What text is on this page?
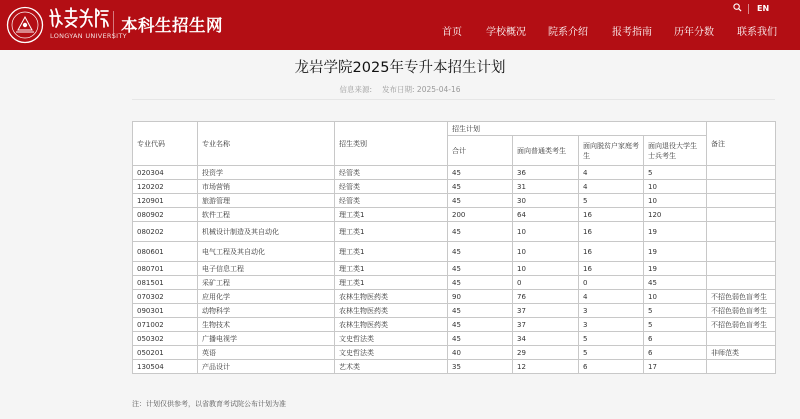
LONGYAN UNIVERSITY
本科生招生网
EN
首页 学校概况 院系介绍 报考指南 历年分数 联系我们
龙岩学院2025年专升本招生计划
信息来源: 发布日期: 2025-04-16
专业代码	专业名称	招生类别	招生计划				备注
			合计	面向普通类考生	面向脱贫户家庭考生	面向退役大学生士兵考生	
020304	投资学	经管类	45	36	4	5	
120202	市场营销	经管类	45	31	4	10	
120901	旅游管理	经管类	45	30	5	10	
080902	软件工程	理工类1	200	64	16	120	
080202	机械设计制造及其自动化	理工类1	45	10	16	19	
080601	电气工程及其自动化	理工类1	45	10	16	19	
080701	电子信息工程	理工类1	45	10	16	19	
081501	采矿工程	理工类1	45	0	0	45	
070302	应用化学	农林生物医药类	90	76	4	10	不招色弱色盲考生
090301	动物科学	农林生物医药类	45	37	3	5	不招色弱色盲考生
071002	生物技术	农林生物医药类	45	37	3	5	不招色弱色盲考生
050302	广播电视学	文史哲法类	45	34	5	6	
050201	英语	文史哲法类	40	29	5	6	非师范类
130504	产品设计	艺术类	35	12	6	17	
注：计划仅供参考，以省教育考试院公布计划为准
